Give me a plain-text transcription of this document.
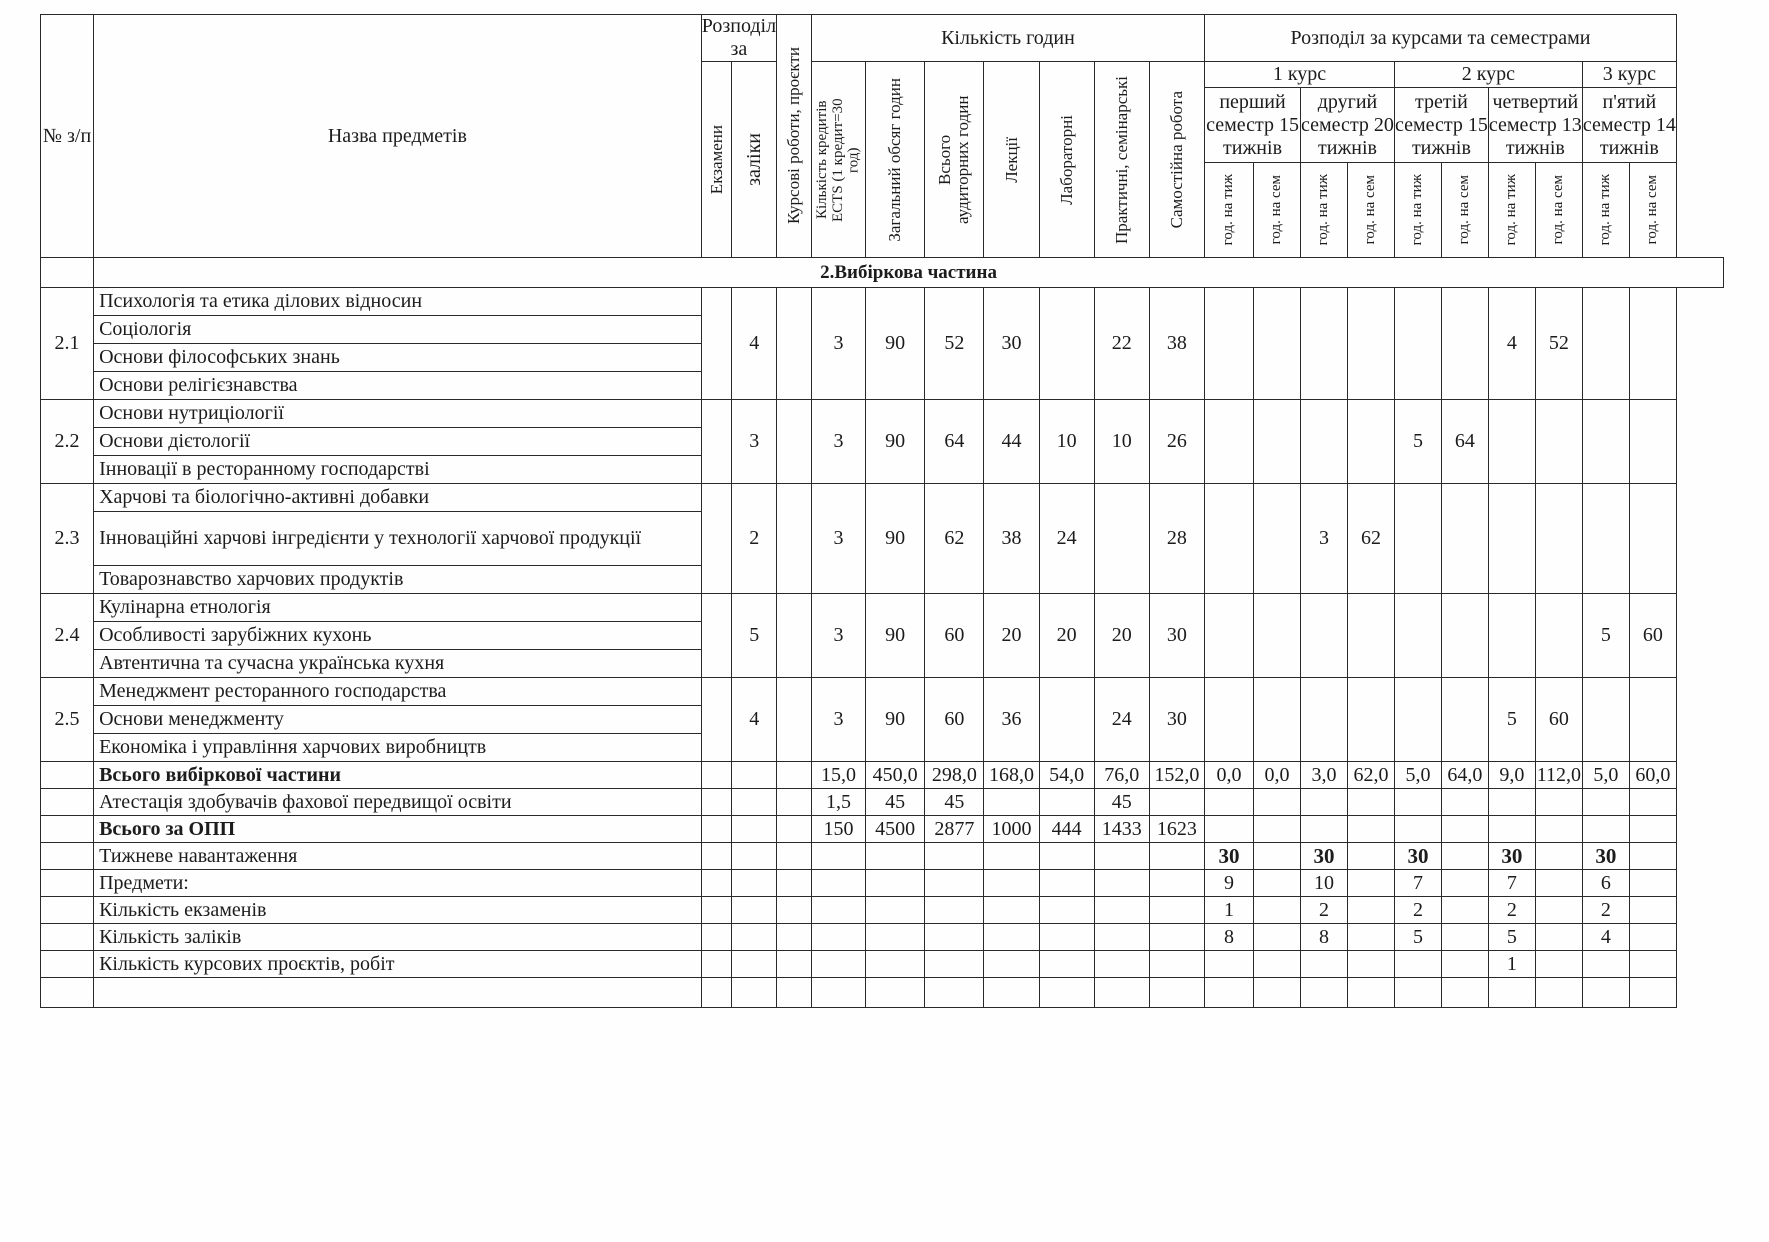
№ з/п	Назва предметів	Розподіл за		Курсові роботи, проєкти	Кількість годин							Розподіл за курсами та семестрами									

		Екзамени	заліки		Кількість кредитів ECTS (1 кредит=30 год)	Загальний обсяг годин	Всього аудиторних годин	Лекції	Лабораторні	Практичні, семінарські	Самостійна робота	1 курс				2 курс				3 курс	
												перший семестр 15 тижнів		другий семестр 20 тижнів		третій семестр 15 тижнів		четвертий семестр 13 тижнів		п'ятий семестр 14 тижнів	

												год. на тиж	год. на сем	год. на тиж	год. на сем	год. на тиж	год. на сем	год. на тиж	год. на сем	год. на тиж	год. на сем

	2.Вибіркова частина																				
2.1	Психологія та етика ділових відносин		4		3	90	52	30		22	38							4	52		
	Соціологія																				
	Основи філософських знань																				
	Основи релігієзнавства																				
2.2	Основи нутриціології		3		3	90	64	44	10	10	26					5	64				
	Основи дієтології																				
	Інновації в ресторанному господарстві																				
2.3	Харчові та біологічно-активні добавки		2		3	90	62	38	24		28			3	62						
	Інноваційні харчові інгредієнти у технології харчової продукції																				
	Товарознавство харчових продуктів																				
2.4	Кулінарна етнологія		5		3	90	60	20	20	20	30									5	60
	Особливості зарубіжних кухонь																				
	Автентична та сучасна українська кухня																				
2.5	Менеджмент ресторанного господарства		4		3	90	60	36		24	30							5	60		
	Основи менеджменту																				
	Економіка і управління харчових виробництв																				
	Всього вибіркової частини				15,0	450,0	298,0	168,0	54,0	76,0	152,0	0,0	0,0	3,0	62,0	5,0	64,0	9,0	112,0	5,0	60,0
	Атестація здобувачів фахової передвищої освіти				1,5	45	45			45											
	Всього за ОПП				150	4500	2877	1000	444	1433	1623										
	Тижневе навантаження											30		30		30		30		30	
	Предмети:											9		10		7		7		6	
	Кількість екзаменів											1		2		2		2		2	
	Кількість заліків											8		8		5		5		4	
	Кількість курсових проєктів, робіт																	1			
